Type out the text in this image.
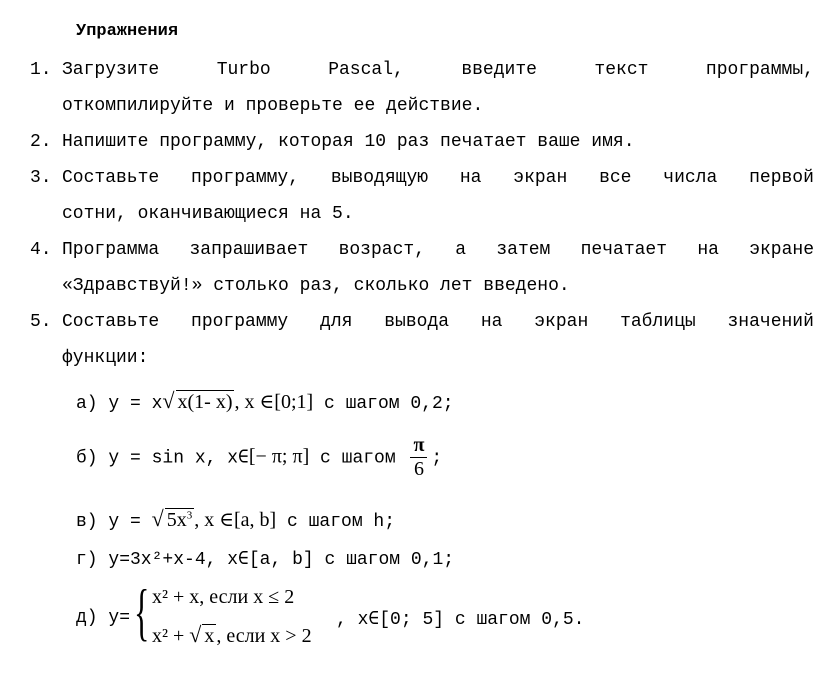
Упражнения
1. Загрузите	Turbo	Pascal,	введите	текст	программы,
откомпилируйте и проверьте ее действие.
2. Напишите программу, которая 10 раз печатает ваше имя.
3. Составьте программу, выводящую на экран все числа первой
сотни, оканчивающиеся на 5.
4. Программа запрашивает возраст, а затем печатает на экране
«Здравствуй!» столько раз, сколько лет введено.
5. Составьте программу для вывода на экран таблицы значений
функции:
а) y = x√ x(1- x) , x ∈[0;1] с шагом 0,2;
б) y = sin x, x∈[− π; π] с шагом $\frac{\pi}{6}$ ;
в) y = √ $5x^3$ , x ∈[a, b] с шагом h;
г) y=3x²+x-4, x∈[a, b] с шагом 0,1;
д) y= { x² + x, если x ≤ 2
x² + √ x , если x > 2
, x∈[0; 5] с шагом 0,5.
